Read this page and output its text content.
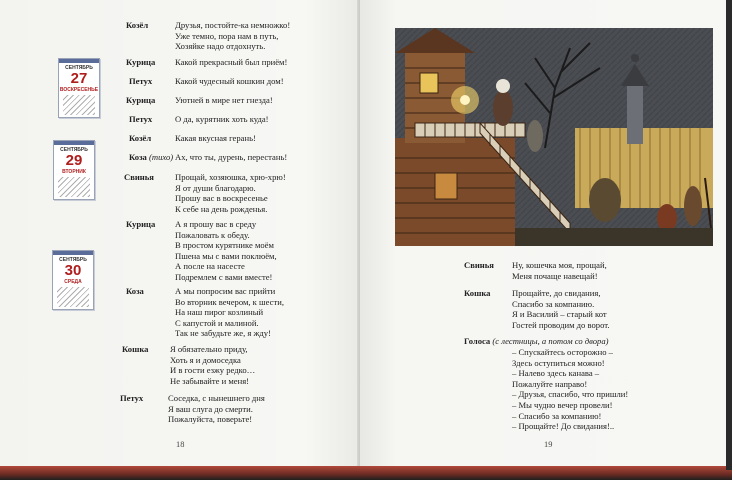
СЕНТЯБРЬ
27
ВОСКРЕСЕНЬЕ
СЕНТЯБРЬ
29
ВТОРНИК
СЕНТЯБРЬ
30
СРЕДА
Козёл	Друзья, постойте-ка немножко!
Уже темно, пора нам в путь,
Хозяйке надо отдохнуть.
Курица Какой прекрасный был приём!
Петух	Какой чудесный кошкин дом!
Курица Уютней в мире нет гнезда!
Петух	О да, курятник хоть куда!
Козёл	Какая вкусная герань!
Коза (тихо) Ах, что ты, дурень, перестань!
Свинья Прощай, хозяюшка, хрю-хрю!
Я от души благодарю.
Прошу вас в воскресенье
К себе на день рожденья.
Курица А я прошу вас в среду
Пожаловать к обеду.
В простом курятнике моём
Пшена мы с вами поклюём,
А после на насесте
Подремлем с вами вместе!
Коза	А мы попросим вас прийти
Во вторник вечером, к шести,
На наш пирог козлиный
С капустой и малиной.
Так не забудьте же, я жду!
Кошка	Я обязательно приду,
Хоть я и домоседка
И в гости езжу редко…
Не забывайте и меня!
Петух	Соседка, с нынешнего дня
Я ваш слуга до смерти.
Пожалуйста, поверьте!
18
Свинья Ну, кошечка моя, прощай,
Меня почаще навещай!
Кошка	Прощайте, до свидания,
Спасибо за компанию.
Я и Василий – старый кот
Гостей проводим до ворот.
Голоса (с лестницы, а потом со двора)
– Спускайтесь осторожно –
Здесь оступиться можно!
– Налево здесь канава –
Пожалуйте направо!
– Друзья, спасибо, что пришли!
– Мы чудно вечер провели!
– Спасибо за компанию!
– Прощайте! До свидания!..
19
